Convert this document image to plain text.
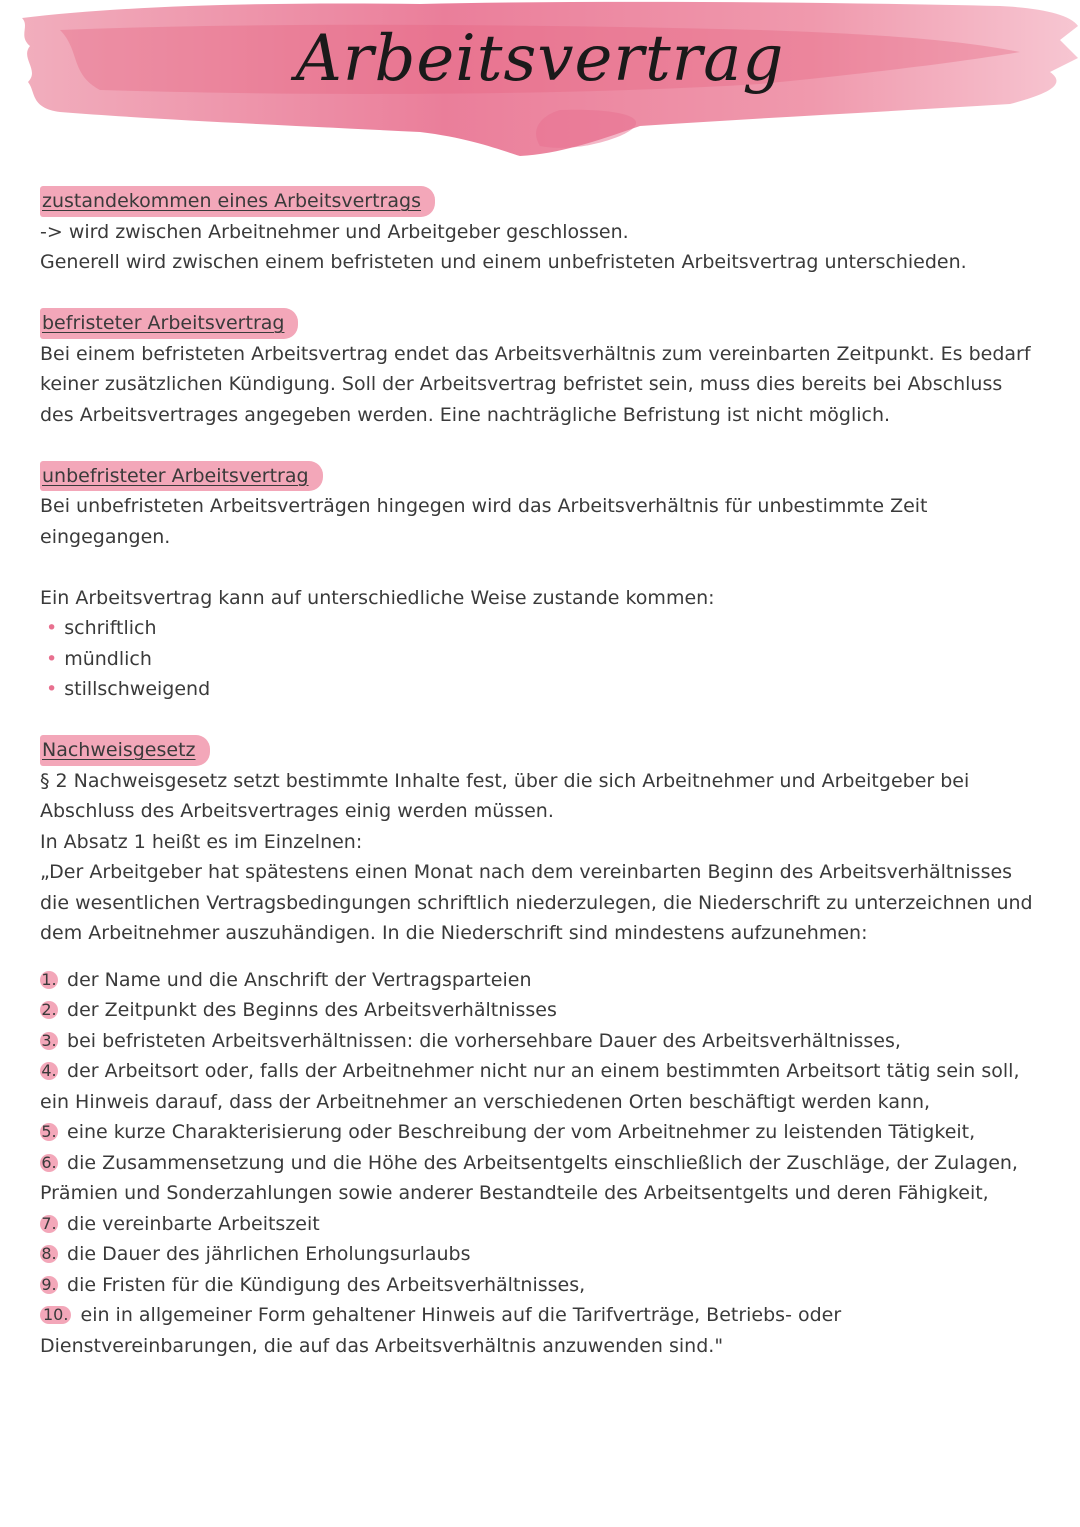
Arbeitsvertrag
zustandekommen eines Arbeitsvertrags

-> wird zwischen Arbeitnehmer und Arbeitgeber geschlossen.

Generell wird zwischen einem befristeten und einem unbefristeten Arbeitsvertrag unterschieden.

befristeter Arbeitsvertrag

Bei einem befristeten Arbeitsvertrag endet das Arbeitsverhältnis zum vereinbarten Zeitpunkt. Es bedarf keiner zusätzlichen Kündigung. Soll der Arbeitsvertrag befristet sein, muss dies bereits bei Abschluss des Arbeitsvertrages angegeben werden. Eine nachträgliche Befristung ist nicht möglich.

unbefristeter Arbeitsvertrag

Bei unbefristeten Arbeitsverträgen hingegen wird das Arbeitsverhältnis für unbestimmte Zeit eingegangen.

Ein Arbeitsvertrag kann auf unterschiedliche Weise zustande kommen:

• schriftlich
• mündlich
• stillschweigend
Nachweisgesetz

§ 2 Nachweisgesetz setzt bestimmte Inhalte fest, über die sich Arbeitnehmer und Arbeitgeber bei Abschluss des Arbeitsvertrages einig werden müssen.

In Absatz 1 heißt es im Einzelnen:

„Der Arbeitgeber hat spätestens einen Monat nach dem vereinbarten Beginn des Arbeitsverhältnisses die wesentlichen Vertragsbedingungen schriftlich niederzulegen, die Niederschrift zu unterzeichnen und dem Arbeitnehmer auszuhändigen. In die Niederschrift sind mindestens aufzunehmen:

1. der Name und die Anschrift der Vertragsparteien
2. der Zeitpunkt des Beginns des Arbeitsverhältnisses
3. bei befristeten Arbeitsverhältnissen: die vorhersehbare Dauer des Arbeitsverhältnisses,
4. der Arbeitsort oder, falls der Arbeitnehmer nicht nur an einem bestimmten Arbeitsort tätig sein soll, ein Hinweis darauf, dass der Arbeitnehmer an verschiedenen Orten beschäftigt werden kann,
5. eine kurze Charakterisierung oder Beschreibung der vom Arbeitnehmer zu leistenden Tätigkeit,
6. die Zusammensetzung und die Höhe des Arbeitsentgelts einschließlich der Zuschläge, der Zulagen, Prämien und Sonderzahlungen sowie anderer Bestandteile des Arbeitsentgelts und deren Fähigkeit,
7. die vereinbarte Arbeitszeit
8. die Dauer des jährlichen Erholungsurlaubs
9. die Fristen für die Kündigung des Arbeitsverhältnisses,
10. ein in allgemeiner Form gehaltener Hinweis auf die Tarifverträge, Betriebs- oder Dienstvereinbarungen, die auf das Arbeitsverhältnis anzuwenden sind."
